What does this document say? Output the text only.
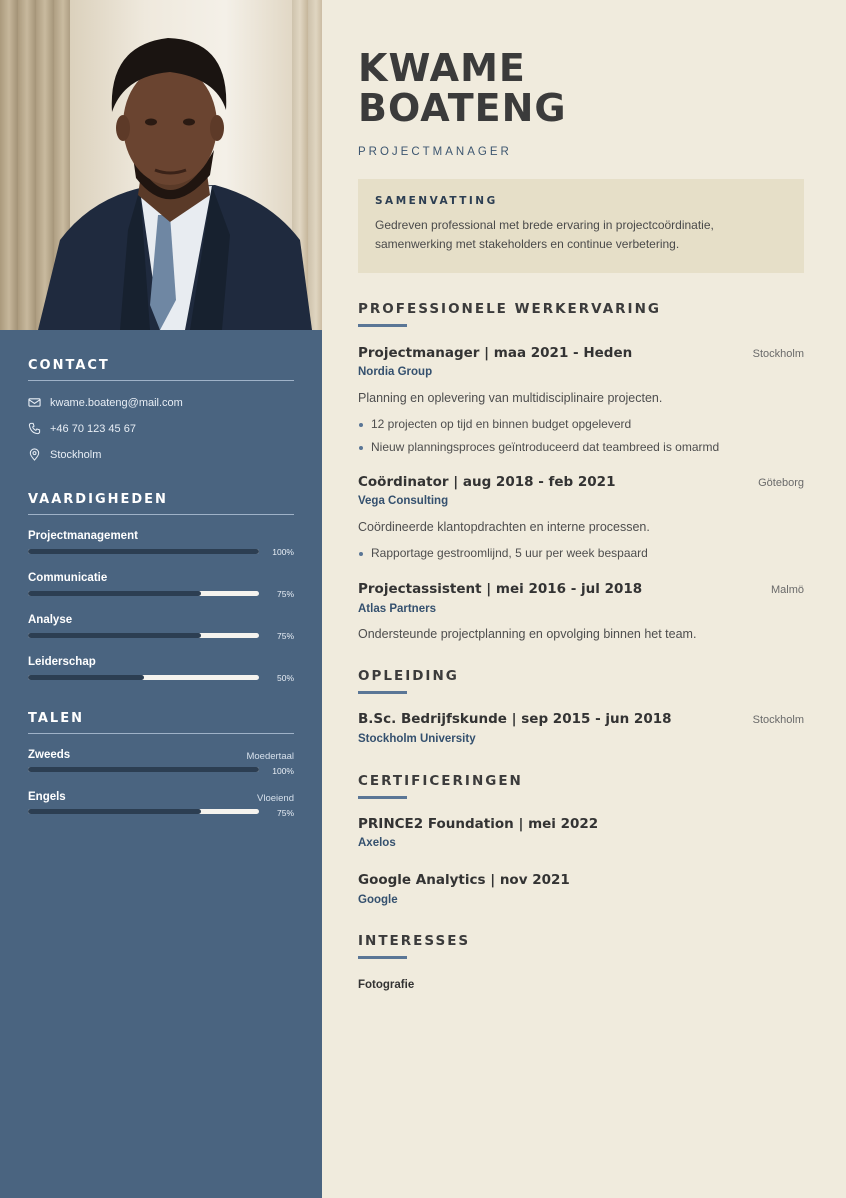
CONTACT
kwame.boateng@mail.com
+46 70 123 45 67
Stockholm
VAARDIGHEDEN
Projectmanagement
100%
Communicatie
75%
Analyse
75%
Leiderschap
50%
TALEN
Zweeds	Moedertaal
100%
Engels	Vloeiend
75%
KWAME
BOATENG
PROJECTMANAGER
SAMENVATTING
Gedreven professional met brede ervaring in projectcoördinatie, samenwerking met stakeholders en continue verbetering.
PROFESSIONELE WERKERVARING
Projectmanager | maa 2021 - Heden	Stockholm
Nordia Group
Planning en oplevering van multidisciplinaire projecten.
12 projecten op tijd en binnen budget opgeleverd
Nieuw planningsproces geïntroduceerd dat teambreed is omarmd
Coördinator | aug 2018 - feb 2021	Göteborg
Vega Consulting
Coördineerde klantopdrachten en interne processen.
Rapportage gestroomlijnd, 5 uur per week bespaard
Projectassistent | mei 2016 - jul 2018	Malmö
Atlas Partners
Ondersteunde projectplanning en opvolging binnen het team.
OPLEIDING
B.Sc. Bedrijfskunde | sep 2015 - jun 2018	Stockholm
Stockholm University
CERTIFICERINGEN
PRINCE2 Foundation | mei 2022
Axelos
Google Analytics | nov 2021
Google
INTERESSES
Fotografie
